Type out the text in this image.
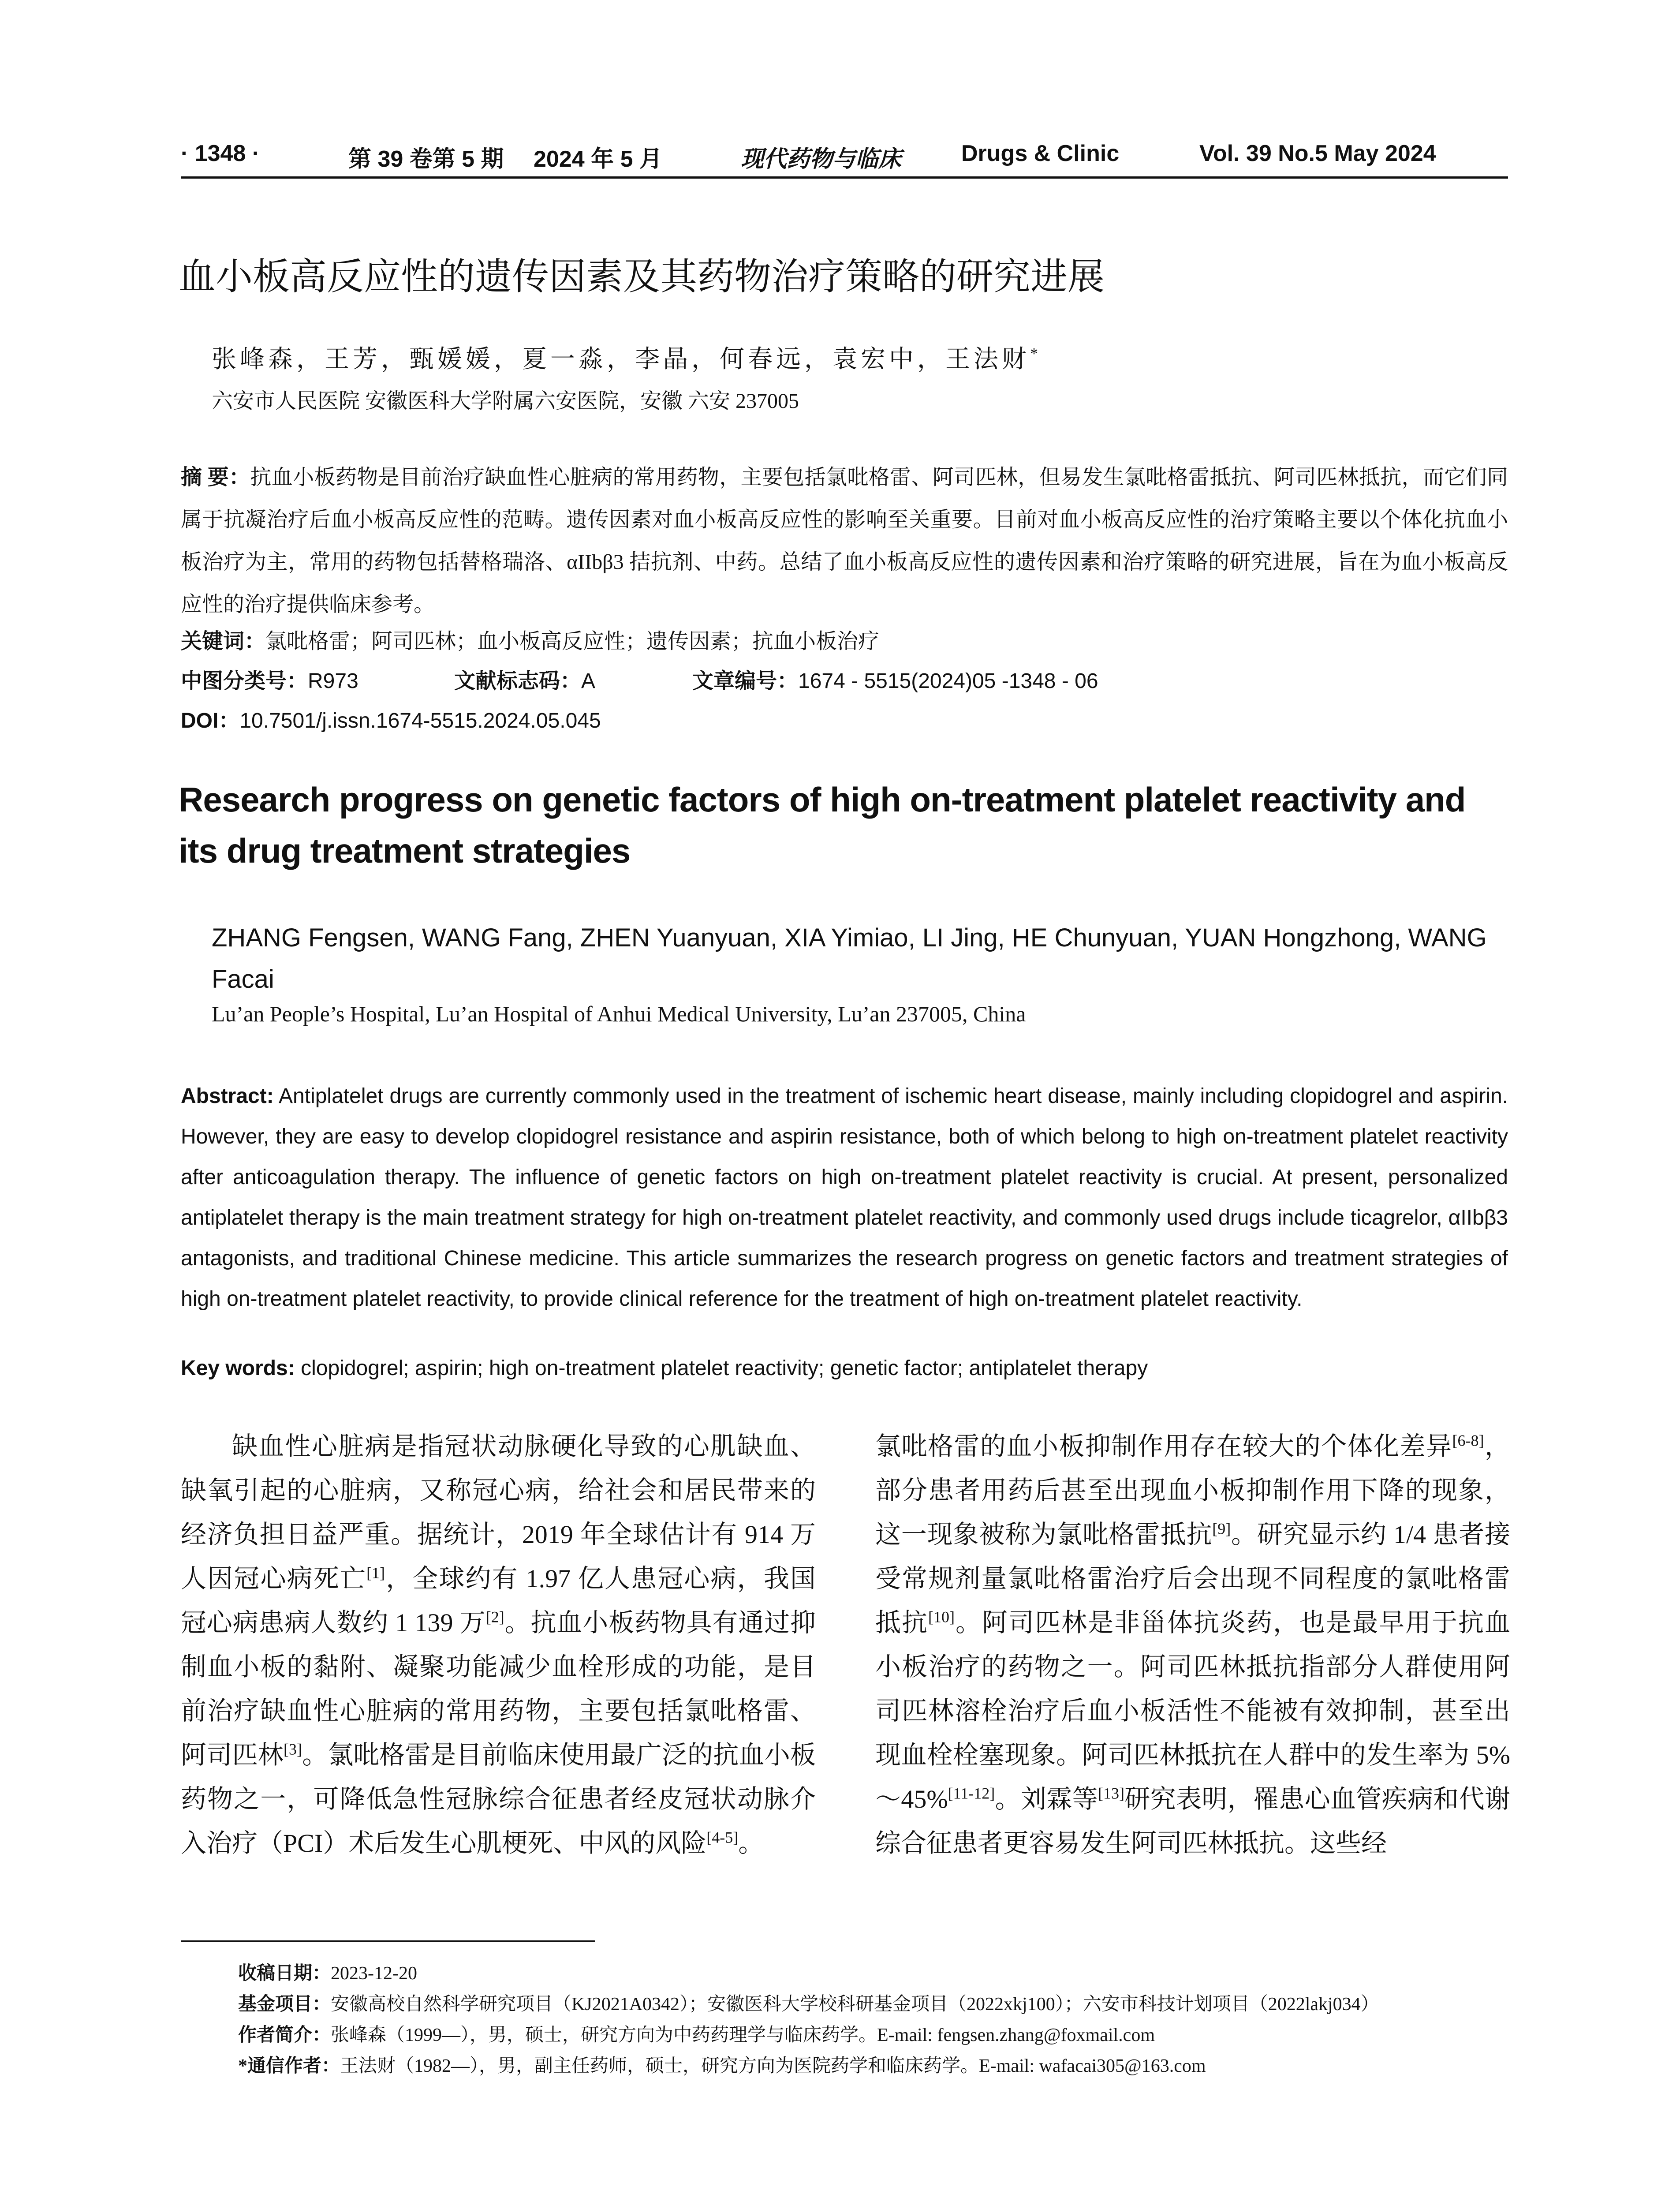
· 1348 ·	第 39 卷第 5 期 2024 年 5 月	现代药物与临床	Drugs & Clinic	Vol. 39 No.5 May 2024
血小板高反应性的遗传因素及其药物治疗策略的研究进展
张峰森，王芳，甄媛媛，夏一淼，李晶，何春远，袁宏中，王法财*
六安市人民医院 安徽医科大学附属六安医院，安徽 六安 237005
摘 要：抗血小板药物是目前治疗缺血性心脏病的常用药物，主要包括氯吡格雷、阿司匹林，但易发生氯吡格雷抵抗、阿司匹林抵抗，而它们同属于抗凝治疗后血小板高反应性的范畴。遗传因素对血小板高反应性的影响至关重要。目前对血小板高反应性的治疗策略主要以个体化抗血小板治疗为主，常用的药物包括替格瑞洛、αIIbβ3 拮抗剂、中药。总结了血小板高反应性的遗传因素和治疗策略的研究进展，旨在为血小板高反应性的治疗提供临床参考。
关键词：氯吡格雷；阿司匹林；血小板高反应性；遗传因素；抗血小板治疗
中图分类号：R973	文献标志码：A	文章编号：1674 - 5515(2024)05 -1348 - 06
DOI：10.7501/j.issn.1674-5515.2024.05.045
Research progress on genetic factors of high on-treatment platelet reactivity and its drug treatment strategies
ZHANG Fengsen, WANG Fang, ZHEN Yuanyuan, XIA Yimiao, LI Jing, HE Chunyuan, YUAN Hongzhong, WANG Facai
Lu’an People’s Hospital, Lu’an Hospital of Anhui Medical University, Lu’an 237005, China
Abstract: Antiplatelet drugs are currently commonly used in the treatment of ischemic heart disease, mainly including clopidogrel and aspirin. However, they are easy to develop clopidogrel resistance and aspirin resistance, both of which belong to high on-treatment platelet reactivity after anticoagulation therapy. The influence of genetic factors on high on-treatment platelet reactivity is crucial. At present, personalized antiplatelet therapy is the main treatment strategy for high on-treatment platelet reactivity, and commonly used drugs include ticagrelor, αIIbβ3 antagonists, and traditional Chinese medicine. This article summarizes the research progress on genetic factors and treatment strategies of high on-treatment platelet reactivity, to provide clinical reference for the treatment of high on-treatment platelet reactivity.
Key words: clopidogrel; aspirin; high on-treatment platelet reactivity; genetic factor; antiplatelet therapy
缺血性心脏病是指冠状动脉硬化导致的心肌缺血、缺氧引起的心脏病，又称冠心病，给社会和居民带来的经济负担日益严重。据统计，2019 年全球估计有 914 万人因冠心病死亡[1]，全球约有 1.97 亿人患冠心病，我国冠心病患病人数约 1 139 万[2]。抗血小板药物具有通过抑制血小板的黏附、凝聚功能减少血栓形成的功能，是目前治疗缺血性心脏病的常用药物，主要包括氯吡格雷、阿司匹林[3]。氯吡格雷是目前临床使用最广泛的抗血小板药物之一，可降低急性冠脉综合征患者经皮冠状动脉介入治疗（PCI）术后发生心肌梗死、中风的风险[4-5]。
氯吡格雷的血小板抑制作用存在较大的个体化差异[6-8]，部分患者用药后甚至出现血小板抑制作用下降的现象，这一现象被称为氯吡格雷抵抗[9]。研究显示约 1/4 患者接受常规剂量氯吡格雷治疗后会出现不同程度的氯吡格雷抵抗[10]。阿司匹林是非甾体抗炎药，也是最早用于抗血小板治疗的药物之一。阿司匹林抵抗指部分人群使用阿司匹林溶栓治疗后血小板活性不能被有效抑制，甚至出现血栓栓塞现象。阿司匹林抵抗在人群中的发生率为 5%～45%[11-12]。刘霖等[13]研究表明，罹患心血管疾病和代谢综合征患者更容易发生阿司匹林抵抗。这些经
收稿日期：2023-12-20
基金项目：安徽高校自然科学研究项目（KJ2021A0342）；安徽医科大学校科研基金项目（2022xkj100）；六安市科技计划项目（2022lakj034）
作者简介：张峰森（1999—），男，硕士，研究方向为中药药理学与临床药学。E-mail: fengsen.zhang@foxmail.com
*通信作者：王法财（1982—），男，副主任药师，硕士，研究方向为医院药学和临床药学。E-mail: wafacai305@163.com
